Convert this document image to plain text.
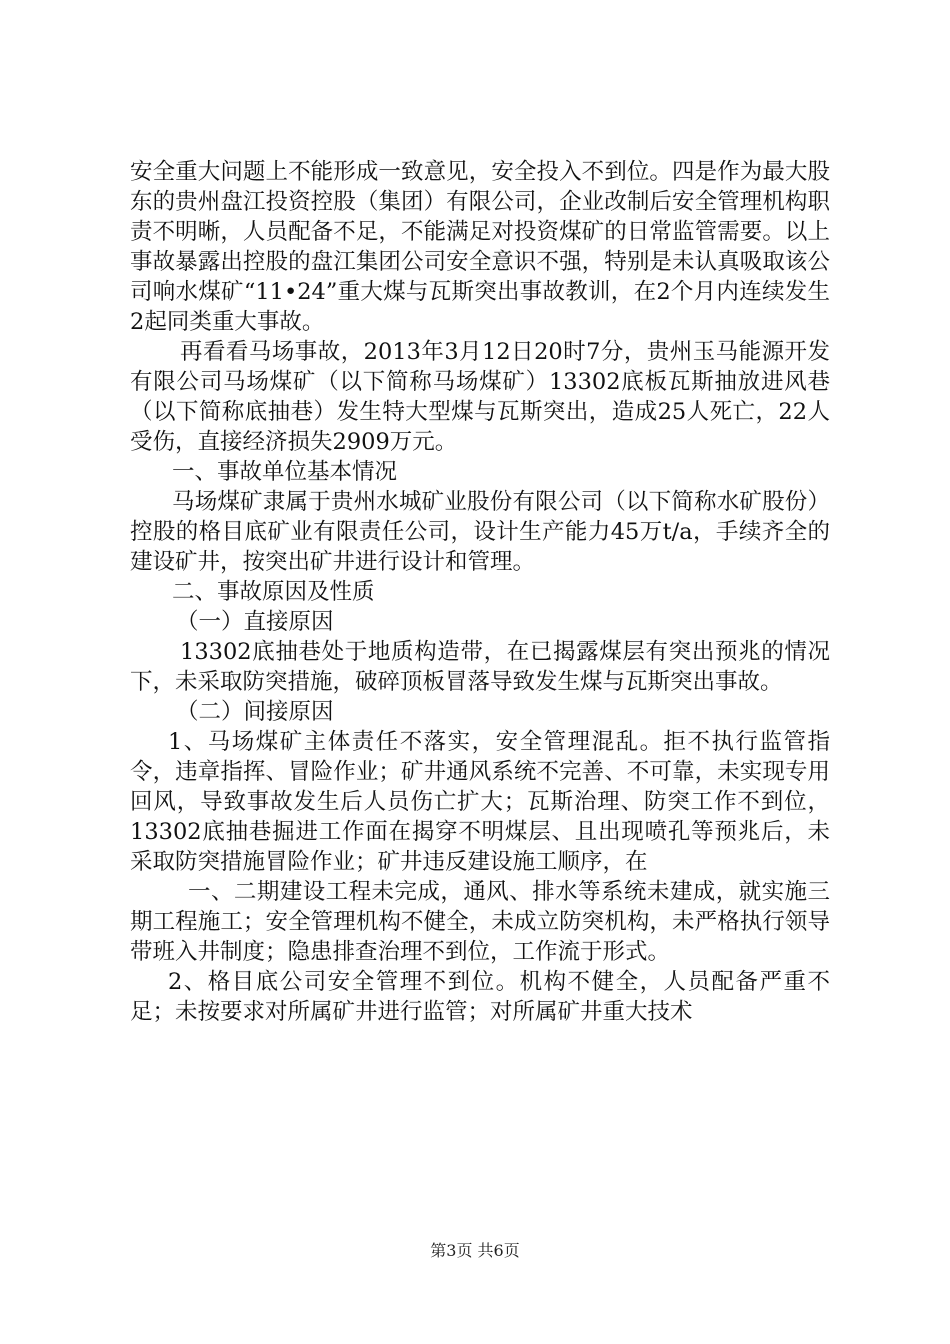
安全重大问题上不能形成一致意见，安全投入不到位。四是作为最大股东的贵州盘江投资控股（集团）有限公司，企业改制后安全管理机构职责不明晰，人员配备不足，不能满足对投资煤矿的日常监管需要。以上事故暴露出控股的盘江集团公司安全意识不强，特别是未认真吸取该公司响水煤矿“11•24”重大煤与瓦斯突出事故教训，在2个月内连续发生2起同类重大事故。

再看看马场事故，2013年3月12日20时7分，贵州玉马能源开发有限公司马场煤矿（以下简称马场煤矿）13302底板瓦斯抽放进风巷（以下简称底抽巷）发生特大型煤与瓦斯突出，造成25人死亡，22人受伤，直接经济损失2909万元。

一、事故单位基本情况

马场煤矿隶属于贵州水城矿业股份有限公司（以下简称水矿股份）控股的格目底矿业有限责任公司，设计生产能力45万t/a，手续齐全的建设矿井，按突出矿井进行设计和管理。

二、事故原因及性质

（一）直接原因

13302底抽巷处于地质构造带，在已揭露煤层有突出预兆的情况下，未采取防突措施，破碎顶板冒落导致发生煤与瓦斯突出事故。

（二）间接原因

1、马场煤矿主体责任不落实，安全管理混乱。拒不执行监管指令，违章指挥、冒险作业；矿井通风系统不完善、不可靠，未实现专用回风，导致事故发生后人员伤亡扩大；瓦斯治理、防突工作不到位，13302底抽巷掘进工作面在揭穿不明煤层、且出现喷孔等预兆后，未采取防突措施冒险作业；矿井违反建设施工顺序，在

一、二期建设工程未完成，通风、排水等系统未建成，就实施三期工程施工；安全管理机构不健全，未成立防突机构，未严格执行领导带班入井制度；隐患排查治理不到位，工作流于形式。

2、格目底公司安全管理不到位。机构不健全，人员配备严重不足；未按要求对所属矿井进行监管；对所属矿井重大技术

第3页 共6页
